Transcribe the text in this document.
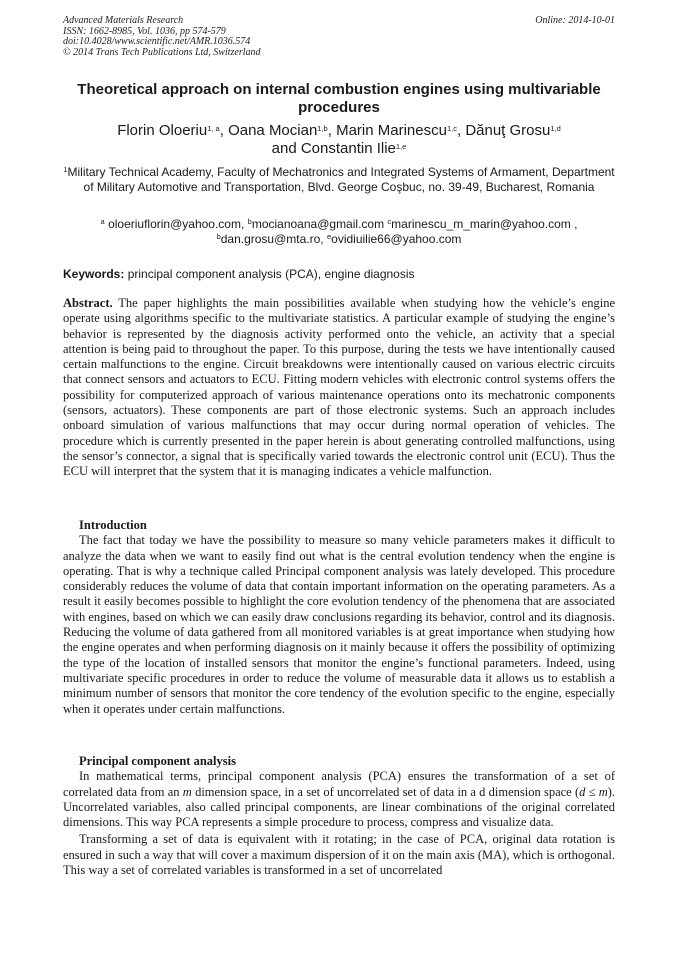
Advanced Materials Research
ISSN: 1662-8985, Vol. 1036, pp 574-579
doi:10.4028/www.scientific.net/AMR.1036.574
© 2014 Trans Tech Publications Ltd, Switzerland
Online: 2014-10-01
Theoretical approach on internal combustion engines using multivariable procedures
Florin Oloeriu$^{1, a}$, Oana Mocian$^{1,b}$, Marin Marinescu$^{1,c}$, Dănuţ Grosu$^{1,d}$
and Constantin Ilie$^{1,e}$
$^1$Military Technical Academy, Faculty of Mechatronics and Integrated Systems of Armament, Department of Military Automotive and Transportation, Blvd. George Coşbuc, no. 39-49, Bucharest, Romania
$^a$ oloeriuflorin@yahoo.com, $^b$mocianoana@gmail.com $^c$marinescu_m_marin@yahoo.com ,
$^b$dan.grosu@mta.ro, $^e$ovidiuilie66@yahoo.com
Keywords: principal component analysis (PCA), engine diagnosis
Abstract. The paper highlights the main possibilities available when studying how the vehicle’s engine operate using algorithms specific to the multivariate statistics. A particular example of studying the engine’s behavior is represented by the diagnosis activity performed onto the vehicle, an activity that a special attention is being paid to throughout the paper. To this purpose, during the tests we have intentionally caused certain malfunctions to the engine. Circuit breakdowns were intentionally caused on various electric circuits that connect sensors and actuators to ECU. Fitting modern vehicles with electronic control systems offers the possibility for computerized approach of various maintenance operations onto its mechatronic components (sensors, actuators). These components are part of those electronic systems. Such an approach includes onboard simulation of various malfunctions that may occur during normal operation of vehicles. The procedure which is currently presented in the paper herein is about generating controlled malfunctions, using the sensor’s connector, a signal that is specifically varied towards the electronic control unit (ECU). Thus the ECU will interpret that the system that it is managing indicates a vehicle malfunction.
Introduction

The fact that today we have the possibility to measure so many vehicle parameters makes it difficult to analyze the data when we want to easily find out what is the central evolution tendency when the engine is operating. That is why a technique called Principal component analysis was lately developed. This procedure considerably reduces the volume of data that contain important information on the operating parameters. As a result it easily becomes possible to highlight the core evolution tendency of the phenomena that are associated with engines, based on which we can easily draw conclusions regarding its behavior, control and its diagnosis. Reducing the volume of data gathered from all monitored variables is at great importance when studying how the engine operates and when performing diagnosis on it mainly because it offers the possibility of optimizing the type of the location of installed sensors that monitor the engine’s functional parameters. Indeed, using multivariate specific procedures in order to reduce the volume of measurable data it allows us to establish a minimum number of sensors that monitor the core tendency of the evolution specific to the engine, especially when it operates under certain malfunctions.

Principal component analysis

In mathematical terms, principal component analysis (PCA) ensures the transformation of a set of correlated data from an m dimension space, in a set of uncorrelated set of data in a d dimension space (d ≤ m). Uncorrelated variables, also called principal components, are linear combinations of the original correlated dimensions. This way PCA represents a simple procedure to process, compress and visualize data.

Transforming a set of data is equivalent with it rotating; in the case of PCA, original data rotation is ensured in such a way that will cover a maximum dispersion of it on the main axis (MA), which is orthogonal. This way a set of correlated variables is transformed in a set of uncorrelated
